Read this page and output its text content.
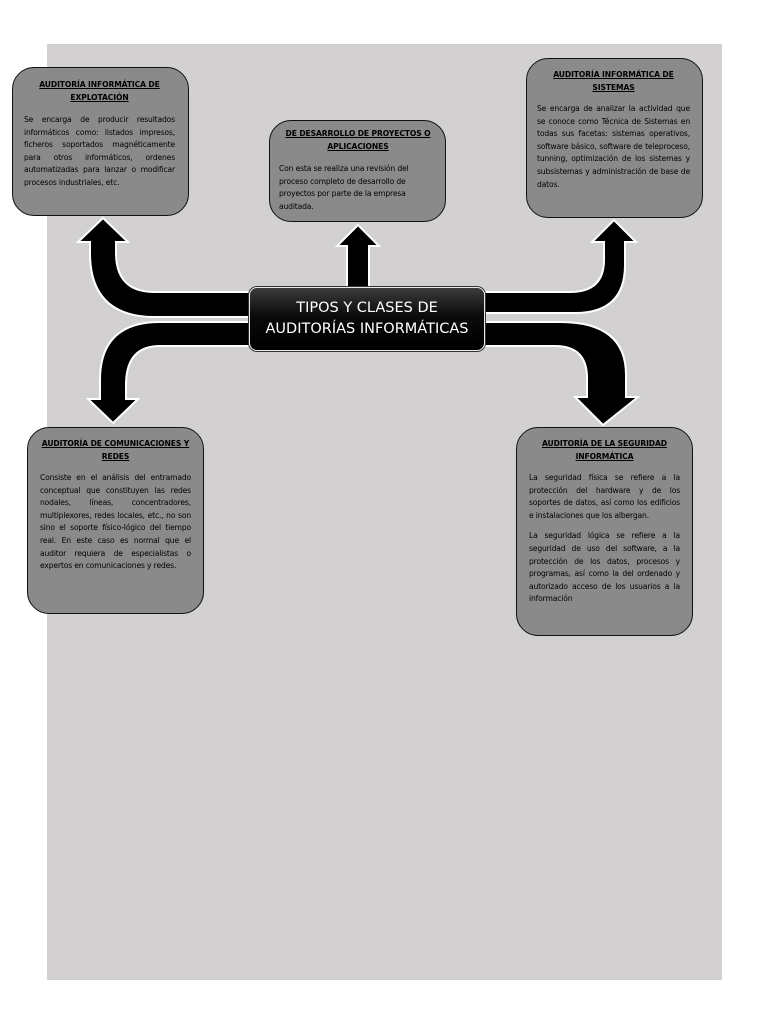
TIPOS Y CLASES DE
AUDITORÍAS INFORMÁTICAS
AUDITORÍA INFORMÁTICA DE EXPLOTACIÓN
Se encarga de producir resultados informáticos como: listados impresos, ficheros soportados magnéticamente para otros informáticos, ordenes automatizadas para lanzar o modificar procesos industriales, etc.
DE DESARROLLO DE PROYECTOS O APLICACIONES
Con esta se realiza una revisión del proceso completo de desarrollo de proyectos por parte de la empresa auditada.
AUDITORÍA INFORMÁTICA DE SISTEMAS
Se encarga de analizar la actividad que se conoce como Técnica de Sistemas en todas sus facetas: sistemas operativos, software básico, software de teleproceso, tunning, optimización de los sistemas y subsistemas y administración de base de datos.
AUDITORÍA DE COMUNICACIONES Y REDES
Consiste en el análisis del entramado conceptual que constituyen las redes nodales, líneas, concentradores, multiplexores, redes locales, etc., no son sino el soporte físico-lógico del tiempo real. En este caso es normal que el auditor requiera de especialistas o expertos en comunicaciones y redes.
AUDITORÍA DE LA SEGURIDAD INFORMÁTICA
La seguridad física se refiere a la protección del hardware y de los soportes de datos, así como los edificios e instalaciones que los albergan.
La seguridad lógica se refiere a la seguridad de uso del software, a la protección de los datos, procesos y programas, así como la del ordenado y autorizado acceso de los usuarios a la información
